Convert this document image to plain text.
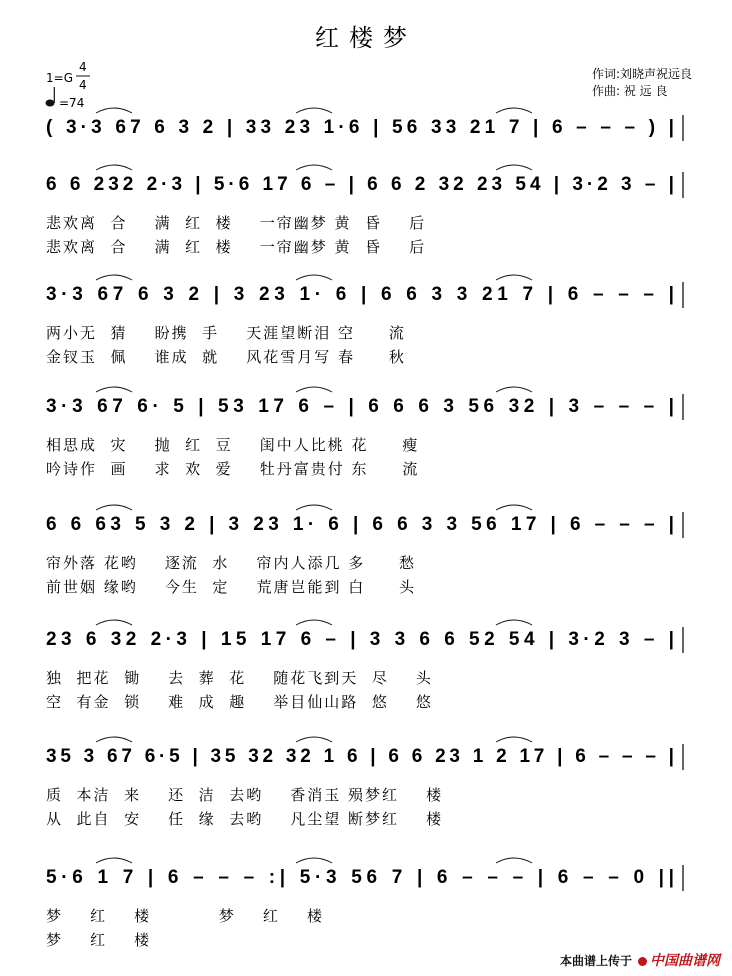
红楼梦
1=G
4
4
=74
作词:刘晓声祝远良
作曲: 祝 远 良
( 3·3 67 6 3 2 | 33 23 1·6 | 56 33 21 7 | 6 – – – ) |
6 6 232 2·3 | 5·6 17 6 – | 6 6 2 32 23 54 | 3·2 3 – |
悲欢离  合    满  红  楼    一帘幽梦 黄  昏    后
悲欢离  合    满  红  楼    一帘幽梦 黄  昏    后
3·3 67 6 3 2 | 3 23 1· 6 | 6 6 3 3 21 7 | 6 – – – |
两小无  猜    盼携  手    天涯望断泪 空     流
金钗玉  佩    谁成  就    风花雪月写 春     秋
3·3 67 6· 5 | 53 17 6 – | 6 6 6 3 56 32 | 3 – – – |
相思成  灾    抛  红  豆    闺中人比桃 花     瘦
吟诗作  画    求  欢  爱    牡丹富贵付 东     流
6 6 63 5 3 2 | 3 23 1· 6 | 6 6 3 3 56 17 | 6 – – – |
帘外落 花哟    逐流  水    帘内人添几 多     愁
前世姻 缘哟    今生  定    荒唐岂能到 白     头
23 6 32 2·3 | 15 17 6 – | 3 3 6 6 52 54 | 3·2 3 – |
独  把花  锄    去  葬  花    随花飞到天  尽    头
空  有金  锁    难  成  趣    举目仙山路  悠    悠
35 3 67 6·5 | 35 32 32 1 6 | 6 6 23 1 2 17 | 6 – – – |
质  本洁  来    还  洁  去哟    香消玉 殒梦红    楼
从  此自  安    任  缘  去哟    凡尘望 断梦红    楼
5·6 1 7 | 6 – – – :| 5·3 56 7 | 6 – – – | 6 – – 0 ||
梦    红    楼          梦    红    楼
梦    红    楼
本曲谱上传于	中国曲谱网
